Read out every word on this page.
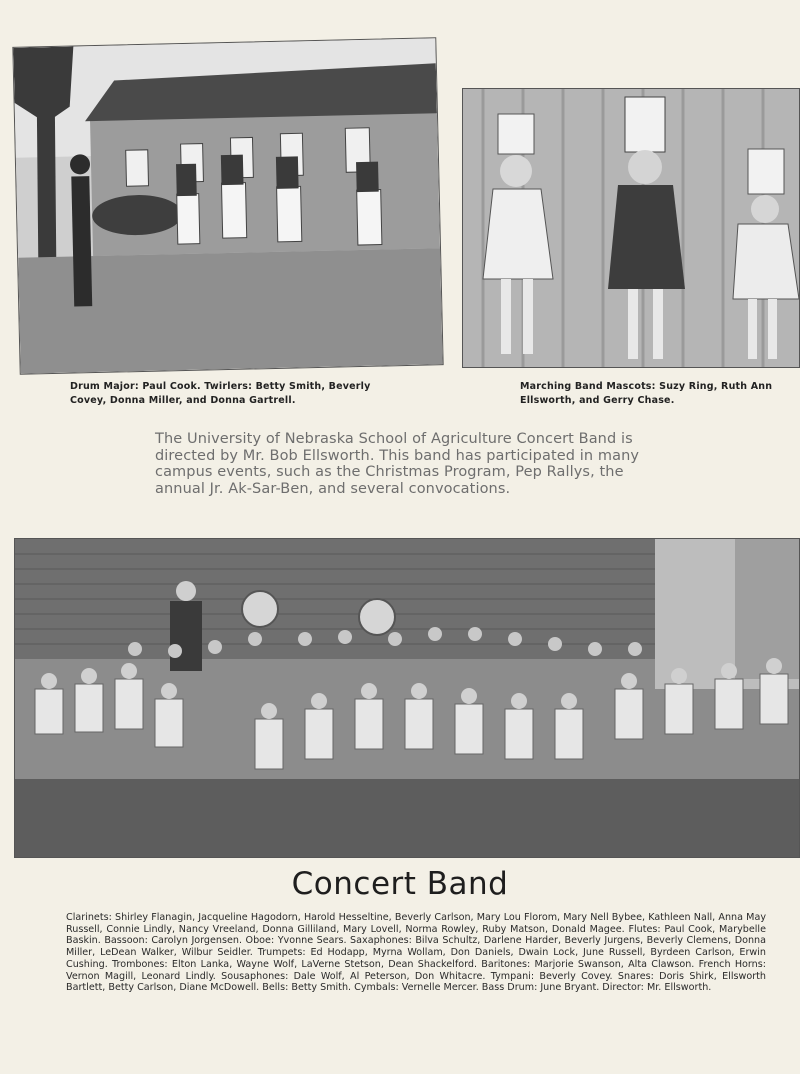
Drum Major: Paul Cook. Twirlers: Betty Smith, Beverly Covey, Donna Miller, and Donna Gartrell.
Marching Band Mascots: Suzy Ring, Ruth Ann Ellsworth, and Gerry Chase.
The University of Nebraska School of Agriculture Concert Band is directed by Mr. Bob Ellsworth. This band has participated in many campus events, such as the Christmas Program, Pep Rallys, the annual Jr. Ak-Sar-Ben, and several convocations.
Concert Band
Clarinets: Shirley Flanagin, Jacqueline Hagodorn, Harold Hesseltine, Beverly Carlson, Mary Lou Florom, Mary Nell Bybee, Kathleen Nall, Anna May Russell, Connie Lindly, Nancy Vreeland, Donna Gilliland, Mary Lovell, Norma Rowley, Ruby Matson, Donald Magee. Flutes: Paul Cook, Marybelle Baskin. Bassoon: Carolyn Jorgensen. Oboe: Yvonne Sears. Saxaphones: Bilva Schultz, Darlene Harder, Beverly Jurgens, Beverly Clemens, Donna Miller, LeDean Walker, Wilbur Seidler. Trumpets: Ed Hodapp, Myrna Wollam, Don Daniels, Dwain Lock, June Russell, Byrdeen Carlson, Erwin Cushing. Trombones: Elton Lanka, Wayne Wolf, LaVerne Stetson, Dean Shackelford. Baritones: Marjorie Swanson, Alta Clawson. French Horns: Vernon Magill, Leonard Lindly. Sousaphones: Dale Wolf, Al Peterson, Don Whitacre. Tympani: Beverly Covey. Snares: Doris Shirk, Ellsworth Bartlett, Betty Carlson, Diane McDowell. Bells: Betty Smith. Cymbals: Vernelle Mercer. Bass Drum: June Bryant. Director: Mr. Ellsworth.
